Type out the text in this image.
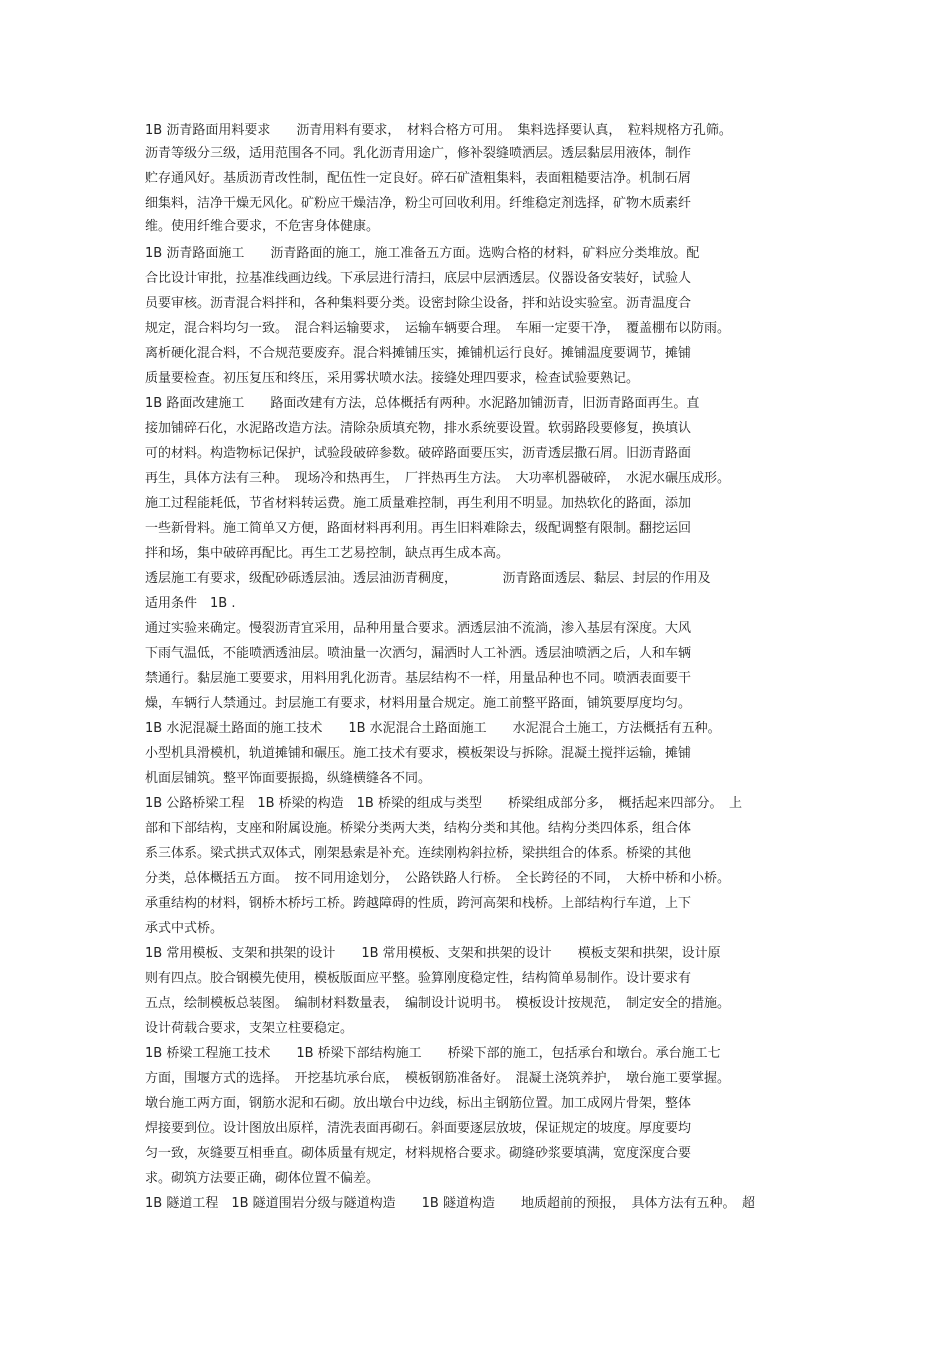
1B 沥青路面用料要求　　沥青用料有要求，　材料合格方可用。　集料选择要认真，　粒料规格方孔筛。
沥青等级分三级，适用范围各不同。乳化沥青用途广，修补裂缝喷洒层。透层黏层用液体，制作
贮存通风好。基质沥青改性制，配伍性一定良好。碎石矿渣粗集料，表面粗糙要洁净。机制石屑
细集料，洁净干燥无风化。矿粉应干燥洁净，粉尘可回收利用。纤维稳定剂选择，矿物木质素纤
维。使用纤维合要求，不危害身体健康。
1B 沥青路面施工　　沥青路面的施工，施工准备五方面。选购合格的材料，矿料应分类堆放。配
合比设计审批，拉基准线画边线。下承层进行清扫，底层中层洒透层。仪器设备安装好，试验人
员要审核。沥青混合料拌和，各种集料要分类。设密封除尘设备，拌和站设实验室。沥青温度合
规定，混合料均匀一致。　混合料运输要求，　运输车辆要合理。　车厢一定要干净，　覆盖棚布以防雨。
离析硬化混合料，不合规范要废弃。混合料摊铺压实，摊铺机运行良好。摊铺温度要调节，摊铺
质量要检查。初压复压和终压，采用雾状喷水法。接缝处理四要求，检查试验要熟记。
1B 路面改建施工　　路面改建有方法，总体概括有两种。水泥路加铺沥青，旧沥青路面再生。直
接加铺碎石化，水泥路改造方法。清除杂质填充物，排水系统要设置。软弱路段要修复，换填认
可的材料。构造物标记保护，试验段破碎参数。破碎路面要压实，沥青透层撒石屑。旧沥青路面
再生，具体方法有三种。　现场冷和热再生，　厂拌热再生方法。　大功率机器破碎，　水泥水碾压成形。
施工过程能耗低，节省材料转运费。施工质量难控制，再生利用不明显。加热软化的路面，添加
一些新骨料。施工简单又方便，路面材料再利用。再生旧料难除去，级配调整有限制。翻挖运回
拌和场，集中破碎再配比。再生工艺易控制，缺点再生成本高。
透层施工有要求，级配砂砾透层油。透层油沥青稠度，　　　　沥青路面透层、黏层、封层的作用及
适用条件　1B .
通过实验来确定。慢裂沥青宜采用，品种用量合要求。洒透层油不流淌，渗入基层有深度。大风
下雨气温低，不能喷洒透油层。喷油量一次洒匀，漏洒时人工补洒。透层油喷洒之后，人和车辆
禁通行。黏层施工要要求，用料用乳化沥青。基层结构不一样，用量品种也不同。喷洒表面要干
燥，车辆行人禁通过。封层施工有要求，材料用量合规定。施工前整平路面，铺筑要厚度均匀。
1B 水泥混凝土路面的施工技术　　1B 水泥混合土路面施工　　水泥混合土施工，方法概括有五种。
小型机具滑模机，轨道摊铺和碾压。施工技术有要求，模板架设与拆除。混凝土搅拌运输，摊铺
机面层铺筑。整平饰面要振捣，纵缝横缝各不同。
1B 公路桥梁工程　1B 桥梁的构造　1B 桥梁的组成与类型　　桥梁组成部分多，　概括起来四部分。　上
部和下部结构，支座和附属设施。桥梁分类两大类，结构分类和其他。结构分类四体系，组合体
系三体系。梁式拱式双体式，刚架悬索是补充。连续刚构斜拉桥，梁拱组合的体系。桥梁的其他
分类，总体概括五方面。　按不同用途划分，　公路铁路人行桥。　全长跨径的不同，　大桥中桥和小桥。
承重结构的材料，钢桥木桥圬工桥。跨越障碍的性质，跨河高架和栈桥。上部结构行车道，上下
承式中式桥。
1B 常用模板、支架和拱架的设计　　1B 常用模板、支架和拱架的设计　　模板支架和拱架，设计原
则有四点。胶合钢模先使用，模板版面应平整。验算刚度稳定性，结构简单易制作。设计要求有
五点，绘制模板总装图。　编制材料数量表，　编制设计说明书。　模板设计按规范，　制定安全的措施。
设计荷载合要求，支架立柱要稳定。
1B 桥梁工程施工技术　　1B 桥梁下部结构施工　　桥梁下部的施工，包括承台和墩台。承台施工七
方面，围堰方式的选择。　开挖基坑承台底，　模板钢筋准备好。　混凝土浇筑养护，　墩台施工要掌握。
墩台施工两方面，钢筋水泥和石砌。放出墩台中边线，标出主钢筋位置。加工成网片骨架，整体
焊接要到位。设计图放出原样，清洗表面再砌石。斜面要逐层放坡，保证规定的坡度。厚度要均
匀一致，灰缝要互相垂直。砌体质量有规定，材料规格合要求。砌缝砂浆要填满，宽度深度合要
求。砌筑方法要正确，砌体位置不偏差。
1B 隧道工程　1B 隧道围岩分级与隧道构造　　1B 隧道构造　　地质超前的预报，　具体方法有五种。　超
